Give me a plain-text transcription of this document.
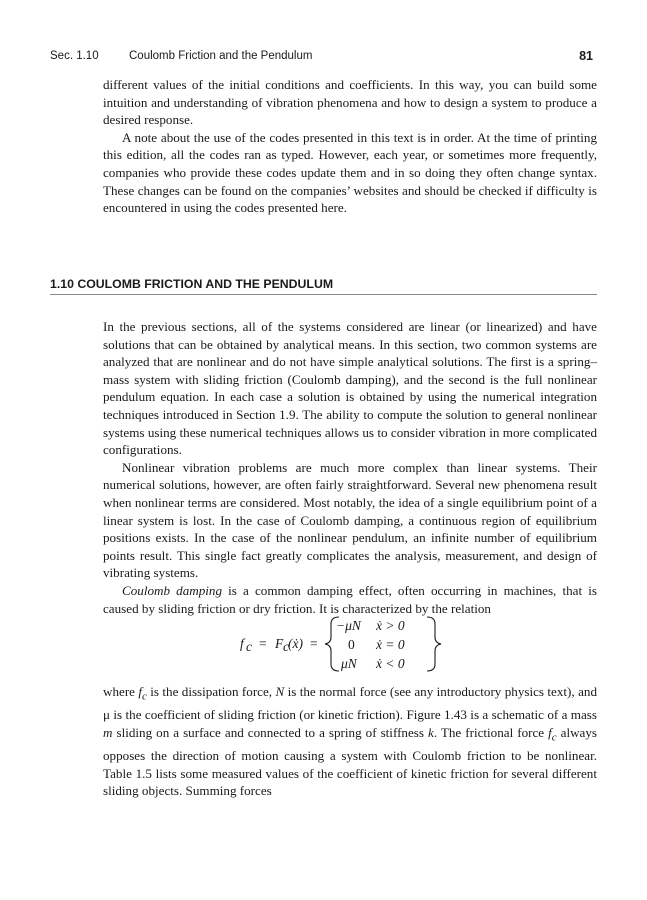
Sec. 1.10	Coulomb Friction and the Pendulum	81

different values of the initial conditions and coefficients. In this way, you can build some intuition and understanding of vibration phenomena and how to design a system to produce a desired response.

A note about the use of the codes presented in this text is in order. At the time of printing this edition, all the codes ran as typed. However, each year, or sometimes more frequently, companies who provide these codes update them and in so doing they often change syntax. These changes can be found on the companies’ websites and should be checked if difficulty is encountered in using the codes presented here.

1.10 COULOMB FRICTION AND THE PENDULUM

In the previous sections, all of the systems considered are linear (or linearized) and have solutions that can be obtained by analytical means. In this section, two common systems are analyzed that are nonlinear and do not have simple analytical solutions. The first is a spring–mass system with sliding friction (Coulomb damping), and the second is the full nonlinear pendulum equation. In each case a solution is obtained by using the numerical integration techniques introduced in Section 1.9. The ability to compute the solution to general nonlinear systems using these numerical techniques allows us to consider vibration in more complicated configurations.

Nonlinear vibration problems are much more complex than linear systems. Their numerical solutions, however, are often fairly straightforward. Several new phenomena result when nonlinear terms are considered. Most notably, the idea of a single equilibrium point of a linear system is lost. In the case of Coulomb damping, a continuous region of equilibrium positions exists. In the case of the nonlinear pendulum, an infinite number of equilibrium points result. This single fact greatly complicates the analysis, measurement, and design of vibrating systems.

Coulomb damping is a common damping effect, often occurring in machines, that is caused by sliding friction or dry friction. It is characterized by the relation

f c = F c (ẋ) =
−μN ẋ > 0
0 ẋ = 0
μN ẋ < 0

where $f_c$ is the dissipation force, N is the normal force (see any introductory physics text), and μ is the coefficient of sliding friction (or kinetic friction). Figure 1.43 is a schematic of a mass m sliding on a surface and connected to a spring of stiffness k. The frictional force $f_c$ always opposes the direction of motion causing a system with Coulomb friction to be nonlinear. Table 1.5 lists some measured values of the coefficient of kinetic friction for several different sliding objects. Summing forces
